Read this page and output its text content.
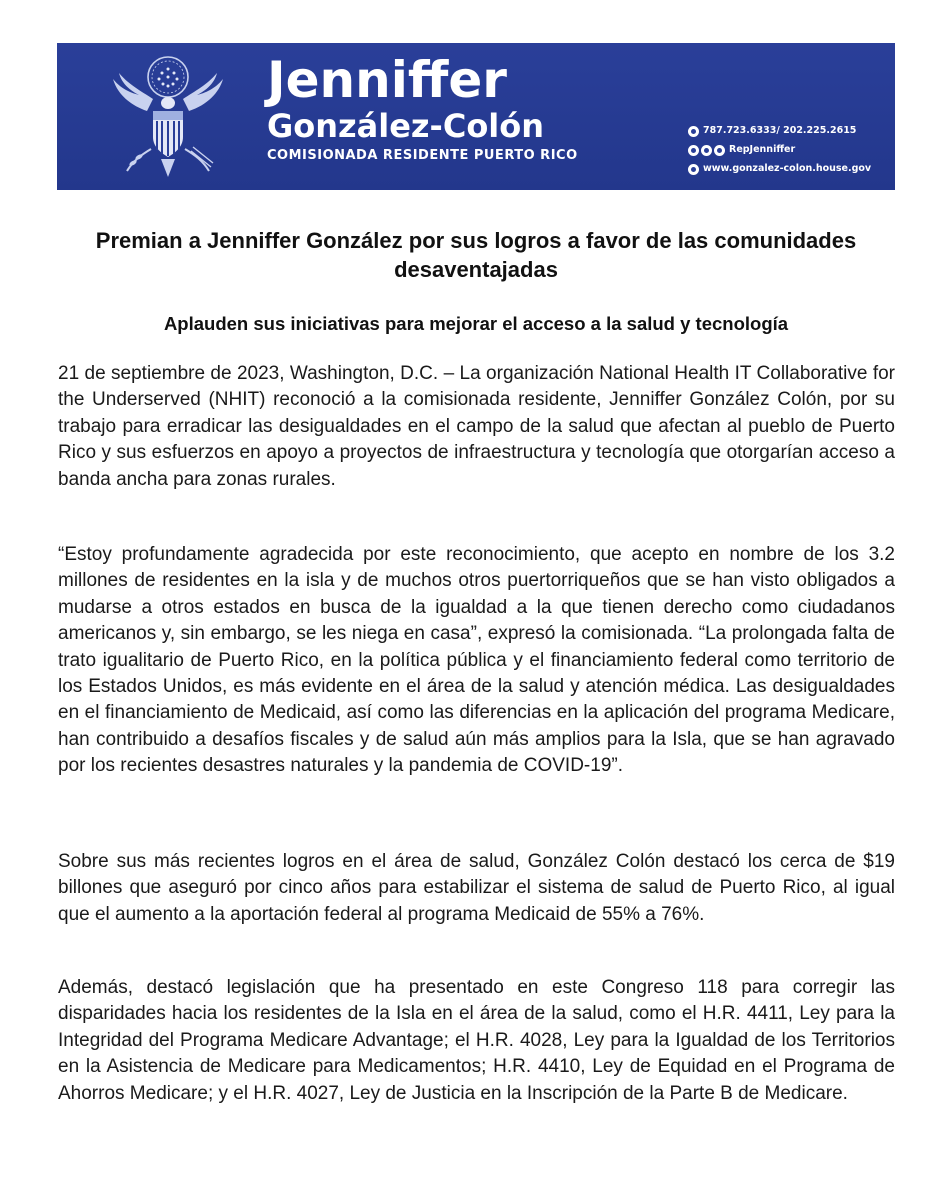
Jenniffer
González-Colón
COMISIONADA RESIDENTE PUERTO RICO
787.723.6333/ 202.225.2615
RepJenniffer
www.gonzalez-colon.house.gov
Premian a Jenniffer González por sus logros a favor de las comunidades desaventajadas
Aplauden sus iniciativas para mejorar el acceso a la salud y tecnología
21 de septiembre de 2023, Washington, D.C. – La organización National Health IT Collaborative for the Underserved (NHIT) reconoció a la comisionada residente, Jenniffer González Colón, por su trabajo para erradicar las desigualdades en el campo de la salud que afectan al pueblo de Puerto Rico y sus esfuerzos en apoyo a proyectos de infraestructura y tecnología que otorgarían acceso a banda ancha para zonas rurales.
“Estoy profundamente agradecida por este reconocimiento, que acepto en nombre de los 3.2 millones de residentes en la isla y de muchos otros puertorriqueños que se han visto obligados a mudarse a otros estados en busca de la igualdad a la que tienen derecho como ciudadanos americanos y, sin embargo, se les niega en casa”, expresó la comisionada. “La prolongada falta de trato igualitario de Puerto Rico, en la política pública y el financiamiento federal como territorio de los Estados Unidos, es más evidente en el área de la salud y atención médica. Las desigualdades en el financiamiento de Medicaid, así como las diferencias en la aplicación del programa Medicare, han contribuido a desafíos fiscales y de salud aún más amplios para la Isla, que se han agravado por los recientes desastres naturales y la pandemia de COVID-19”.
Sobre sus más recientes logros en el área de salud, González Colón destacó los cerca de $19 billones que aseguró por cinco años para estabilizar el sistema de salud de Puerto Rico, al igual que el aumento a la aportación federal al programa Medicaid de 55% a 76%.
Además, destacó legislación que ha presentado en este Congreso 118 para corregir las disparidades hacia los residentes de la Isla en el área de la salud, como el H.R. 4411, Ley para la Integridad del Programa Medicare Advantage; el H.R. 4028, Ley para la Igualdad de los Territorios en la Asistencia de Medicare para Medicamentos; H.R. 4410, Ley de Equidad en el Programa de Ahorros Medicare; y el H.R. 4027, Ley de Justicia en la Inscripción de la Parte B de Medicare.
